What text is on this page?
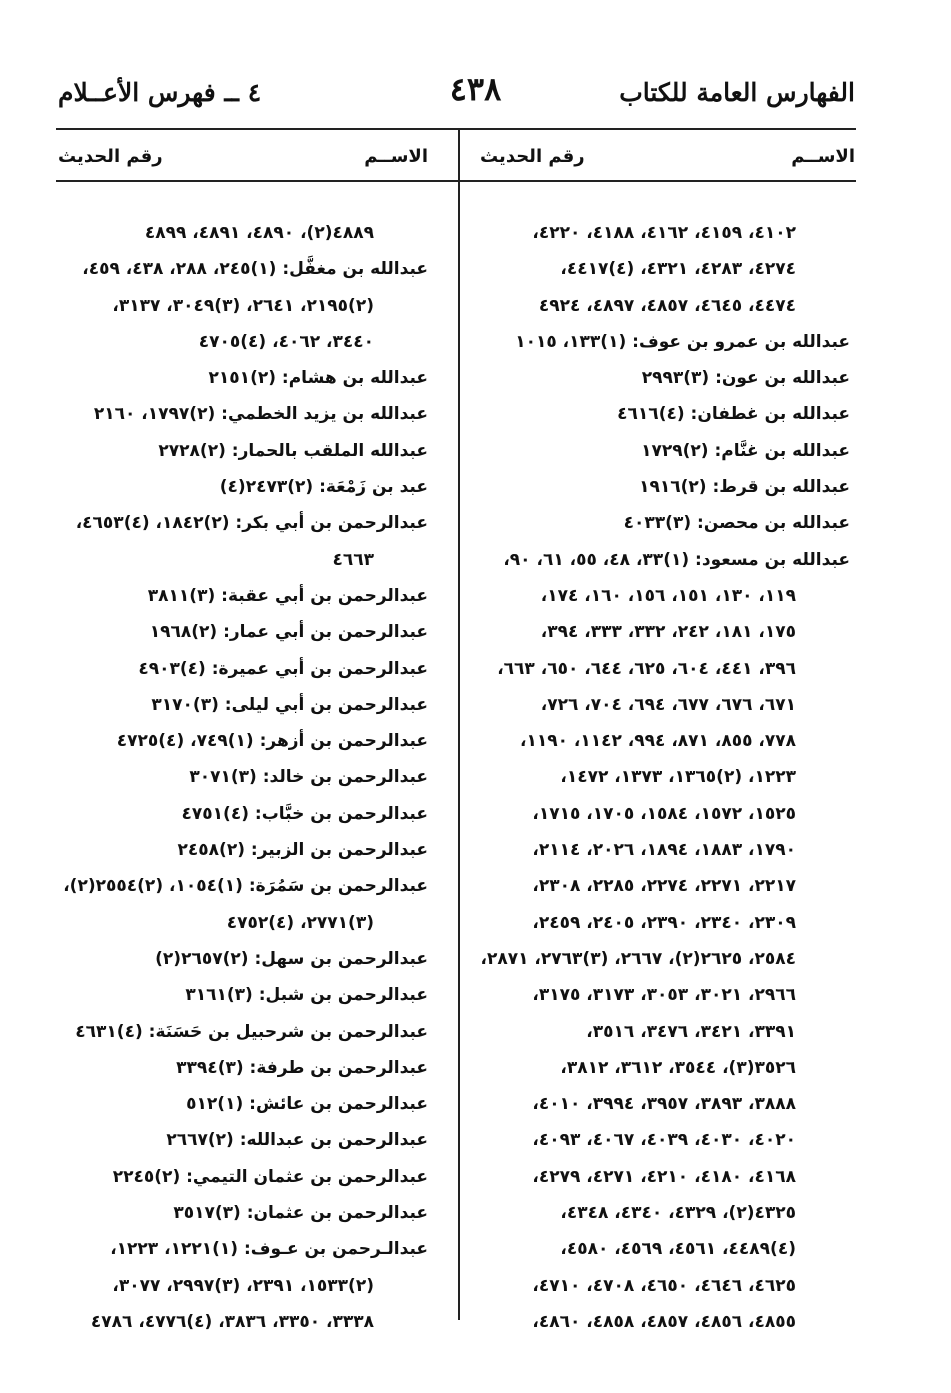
الفهارس العامة للكتاب
٤٣٨
٤ ــ فهرس الأعــلام
الاســم
رقم الحديث
الاســم
رقم الحديث
٤١٠٢، ٤١٥٩، ٤١٦٢، ٤١٨٨، ٤٢٢٠،
٤٢٧٤، ٤٢٨٣، ٤٣٢١، (٤)٤٤١٧،
٤٤٧٤، ٤٦٤٥، ٤٨٥٧، ٤٨٩٧، ٤٩٢٤
عبدالله بن عمرو بن عوف: (١)١٣٣، ١٠١٥
عبدالله بن عون: (٣)٢٩٩٣
عبدالله بن غطفان: (٤)٤٦١٦
عبدالله بن غنَّام: (٢)١٧٢٩
عبدالله بن قرط: (٢)١٩١٦
عبدالله بن محصن: (٣)٤٠٣٣
عبدالله بن مسعود: (١)٣٣، ٤٨، ٥٥، ٦١، ٩٠،
١١٩، ١٣٠، ١٥١، ١٥٦، ١٦٠، ١٧٤،
١٧٥، ١٨١، ٢٤٢، ٣٣٢، ٣٣٣، ٣٩٤،
٣٩٦، ٤٤١، ٦٠٤، ٦٢٥، ٦٤٤، ٦٥٠، ٦٦٣،
٦٧١، ٦٧٦، ٦٧٧، ٦٩٤، ٧٠٤، ٧٢٦،
٧٧٨، ٨٥٥، ٨٧١، ٩٩٤، ١١٤٢، ١١٩٠،
١٢٢٣، (٢)١٣٦٥، ١٣٧٣، ١٤٧٢،
١٥٢٥، ١٥٧٢، ١٥٨٤، ١٧٠٥، ١٧١٥،
١٧٩٠، ١٨٨٣، ١٨٩٤، ٢٠٢٦، ٢١١٤،
٢٢١٧، ٢٢٧١، ٢٢٧٤، ٢٢٨٥، ٢٣٠٨،
٢٣٠٩، ٢٣٤٠، ٢٣٩٠، ٢٤٠٥، ٢٤٥٩،
٢٥٨٤، ٢٦٢٥(٢)، ٢٦٦٧، (٣)٢٧٦٣، ٢٨٧١،
٢٩٦٦، ٣٠٢١، ٣٠٥٣، ٣١٧٣، ٣١٧٥،
٣٣٩١، ٣٤٢١، ٣٤٧٦، ٣٥١٦،
٣٥٢٦(٣)، ٣٥٤٤، ٣٦١٢، ٣٨١٢،
٣٨٨٨، ٣٨٩٣، ٣٩٥٧، ٣٩٩٤، ٤٠١٠،
٤٠٢٠، ٤٠٣٠، ٤٠٣٩، ٤٠٦٧، ٤٠٩٣،
٤١٦٨، ٤١٨٠، ٤٢١٠، ٤٢٧١، ٤٢٧٩،
٤٣٢٥(٢)، ٤٣٢٩، ٤٣٤٠، ٤٣٤٨،
(٤)٤٤٨٩، ٤٥٦١، ٤٥٦٩، ٤٥٨٠،
٤٦٢٥، ٤٦٤٦، ٤٦٥٠، ٤٧٠٨، ٤٧١٠،
٤٨٥٥، ٤٨٥٦، ٤٨٥٧، ٤٨٥٨، ٤٨٦٠،
٤٨٨٩(٢)، ٤٨٩٠، ٤٨٩١، ٤٨٩٩
عبدالله بن مغفَّل: (١)٢٤٥، ٢٨٨، ٤٣٨، ٤٥٩،
(٢)٢١٩٥، ٢٦٤١، (٣)٣٠٤٩، ٣١٣٧،
٣٤٤٠، ٤٠٦٢، (٤)٤٧٠٥
عبدالله بن هشام: (٢)٢١٥١
عبدالله بن يزيد الخطمي: (٢)١٧٩٧، ٢١٦٠
عبدالله الملقب بالحمار: (٢)٢٧٢٨
عبد بن زَمْعَة: (٢)٢٤٧٣(٤)
عبدالرحمن بن أبي بكر: (٢)١٨٤٢، (٤)٤٦٥٣،
٤٦٦٣
عبدالرحمن بن أبي عقبة: (٣)٣٨١١
عبدالرحمن بن أبي عمار: (٢)١٩٦٨
عبدالرحمن بن أبي عميرة: (٤)٤٩٠٣
عبدالرحمن بن أبي ليلى: (٣)٣١٧٠
عبدالرحمن بن أزهر: (١)٧٤٩، (٤)٤٧٢٥
عبدالرحمن بن خالد: (٣)٣٠٧١
عبدالرحمن بن خبَّاب: (٤)٤٧٥١
عبدالرحمن بن الزبير: (٢)٢٤٥٨
عبدالرحمن بن سَمُرَة: (١)١٠٥٤، (٢)٢٥٥٤(٢)،
(٣)٢٧٧١، (٤)٤٧٥٢
عبدالرحمن بن سهل: (٢)٢٦٥٧(٢)
عبدالرحمن بن شبل: (٣)٣١٦١
عبدالرحمن بن شرحبيل بن حَسَنَة: (٤)٤٦٣١
عبدالرحمن بن طرفة: (٣)٣٣٩٤
عبدالرحمن بن عائش: (١)٥١٢
عبدالرحمن بن عبدالله: (٢)٢٦٦٧
عبدالرحمن بن عثمان التيمي: (٢)٢٢٤٥
عبدالرحمن بن عثمان: (٣)٣٥١٧
عبدالـرحمن بن عـوف: (١)١٢٢١، ١٢٢٣،
(٢)١٥٣٣، ٢٣٩١، (٣)٢٩٩٧، ٣٠٧٧،
٣٣٣٨، ٣٣٥٠، ٣٨٣٦، (٤)٤٧٧٦، ٤٧٨٦
